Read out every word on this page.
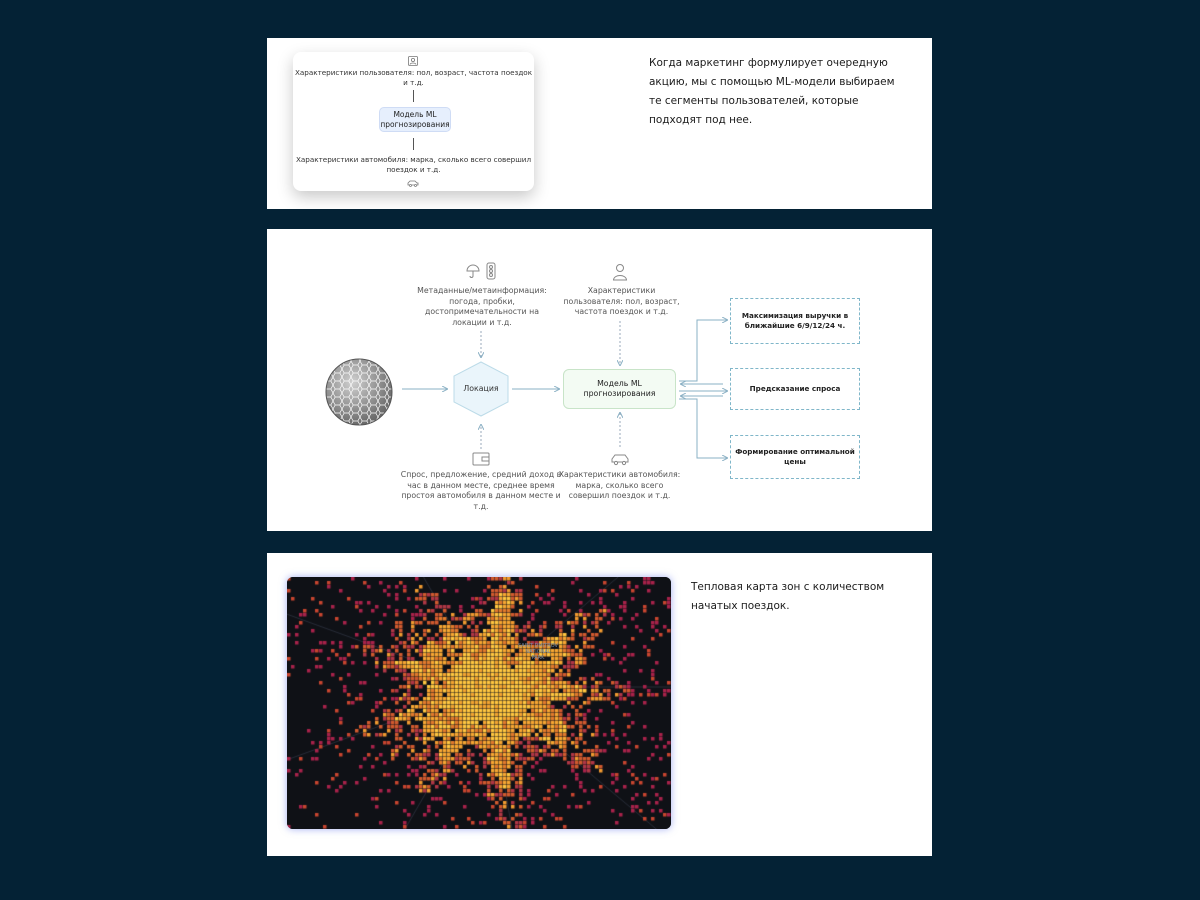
Характеристики пользователя: пол, возраст, частота поездок и т.д.
Модель ML прогнозирования
Характеристики автомобиля: марка, сколько всего совершил поездок и т.д.
Когда маркетинг формулирует очередную акцию, мы с помощью ML-модели выбираем те сегменты пользователей, которые подходят под нее.
Метаданные/метаинформация: погода, пробки, достопримечательности на локации и т.д.
Локация
Характеристики пользователя: пол, возраст, частота поездок и т.д.
Модель ML прогнозирования
Спрос, предложение, средний доход в час в данном месте, среднее время простоя автомобиля в данном месте и т.д.
Характеристики автомобиля: марка, сколько всего совершил поездок и т.д.
Максимизация выручки в ближайшие 6/9/12/24 ч.
Предсказание спроса
Формирование оптимальной цены
SAINT DMITROV
NATIONAL
PARK
Тепловая карта зон с количеством начатых поездок.
